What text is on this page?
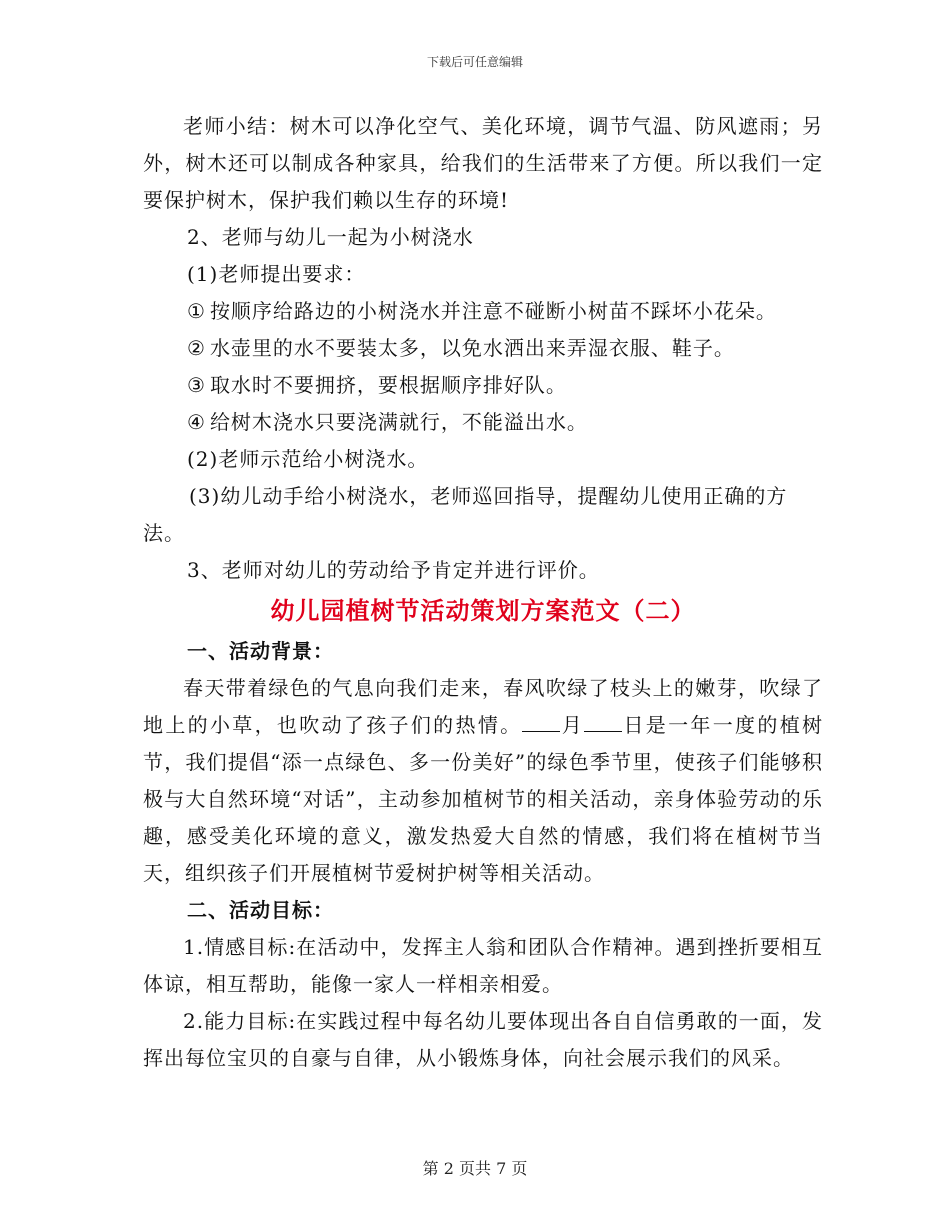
下载后可任意编辑

老师小结：树木可以净化空气、美化环境，调节气温、防风遮雨；另外，树木还可以制成各种家具，给我们的生活带来了方便。所以我们一定要保护树木，保护我们赖以生存的环境!

2、老师与幼儿一起为小树浇水

(1)老师提出要求：

① 按顺序给路边的小树浇水并注意不碰断小树苗不踩坏小花朵。

② 水壶里的水不要装太多，以免水洒出来弄湿衣服、鞋子。

③ 取水时不要拥挤，要根据顺序排好队。

④ 给树木浇水只要浇满就行，不能溢出水。

(2)老师示范给小树浇水。

(3)幼儿动手给小树浇水，老师巡回指导，提醒幼儿使用正确的方法。

3、老师对幼儿的劳动给予肯定并进行评价。

幼儿园植树节活动策划方案范文（二）

一、活动背景：

春天带着绿色的气息向我们走来，春风吹绿了枝头上的嫩芽，吹绿了地上的小草，也吹动了孩子们的热情。 月 日是一年一度的植树节，我们提倡“添一点绿色、多一份美好”的绿色季节里，使孩子们能够积极与大自然环境“对话”，主动参加植树节的相关活动，亲身体验劳动的乐趣，感受美化环境的意义，激发热爱大自然的情感，我们将在植树节当天，组织孩子们开展植树节爱树护树等相关活动。

二、活动目标：

1.情感目标:在活动中，发挥主人翁和团队合作精神。遇到挫折要相互体谅，相互帮助，能像一家人一样相亲相爱。

2.能力目标:在实践过程中每名幼儿要体现出各自自信勇敢的一面，发挥出每位宝贝的自豪与自律，从小锻炼身体，向社会展示我们的风采。

第 2 页共 7 页
